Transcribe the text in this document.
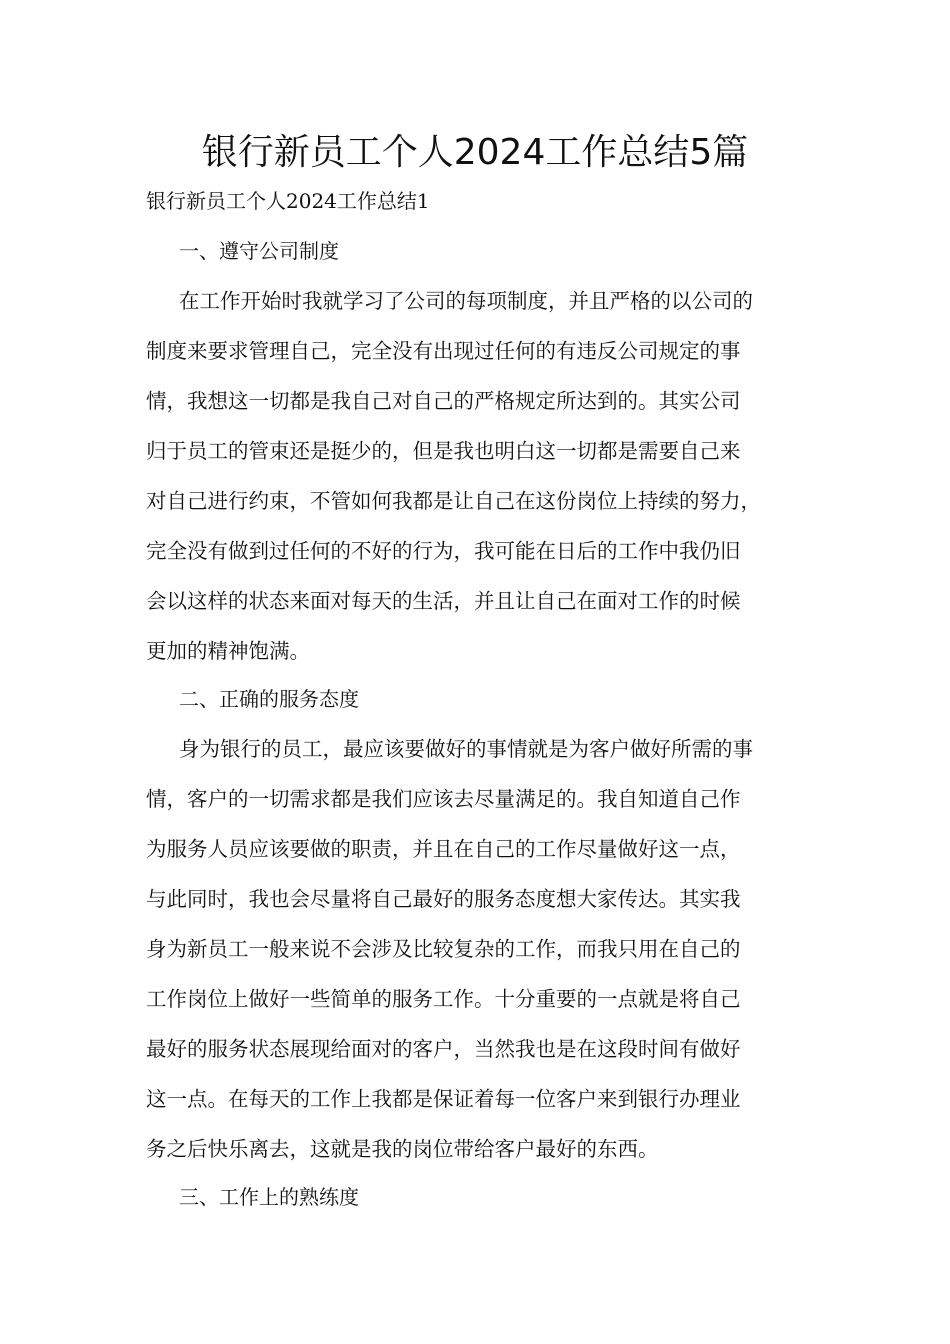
银行新员工个人2024工作总结5篇

银行新员工个人2024工作总结1

一、遵守公司制度

在工作开始时我就学习了公司的每项制度，并且严格的以公司的
制度来要求管理自己，完全没有出现过任何的有违反公司规定的事
情，我想这一切都是我自己对自己的严格规定所达到的。其实公司
归于员工的管束还是挺少的，但是我也明白这一切都是需要自己来
对自己进行约束，不管如何我都是让自己在这份岗位上持续的努力，
完全没有做到过任何的不好的行为，我可能在日后的工作中我仍旧
会以这样的状态来面对每天的生活，并且让自己在面对工作的时候
更加的精神饱满。

二、正确的服务态度

身为银行的员工，最应该要做好的事情就是为客户做好所需的事
情，客户的一切需求都是我们应该去尽量满足的。我自知道自己作
为服务人员应该要做的职责，并且在自己的工作尽量做好这一点，
与此同时，我也会尽量将自己最好的服务态度想大家传达。其实我
身为新员工一般来说不会涉及比较复杂的工作，而我只用在自己的
工作岗位上做好一些简单的服务工作。十分重要的一点就是将自己
最好的服务状态展现给面对的客户，当然我也是在这段时间有做好
这一点。在每天的工作上我都是保证着每一位客户来到银行办理业
务之后快乐离去，这就是我的岗位带给客户最好的东西。

三、工作上的熟练度
